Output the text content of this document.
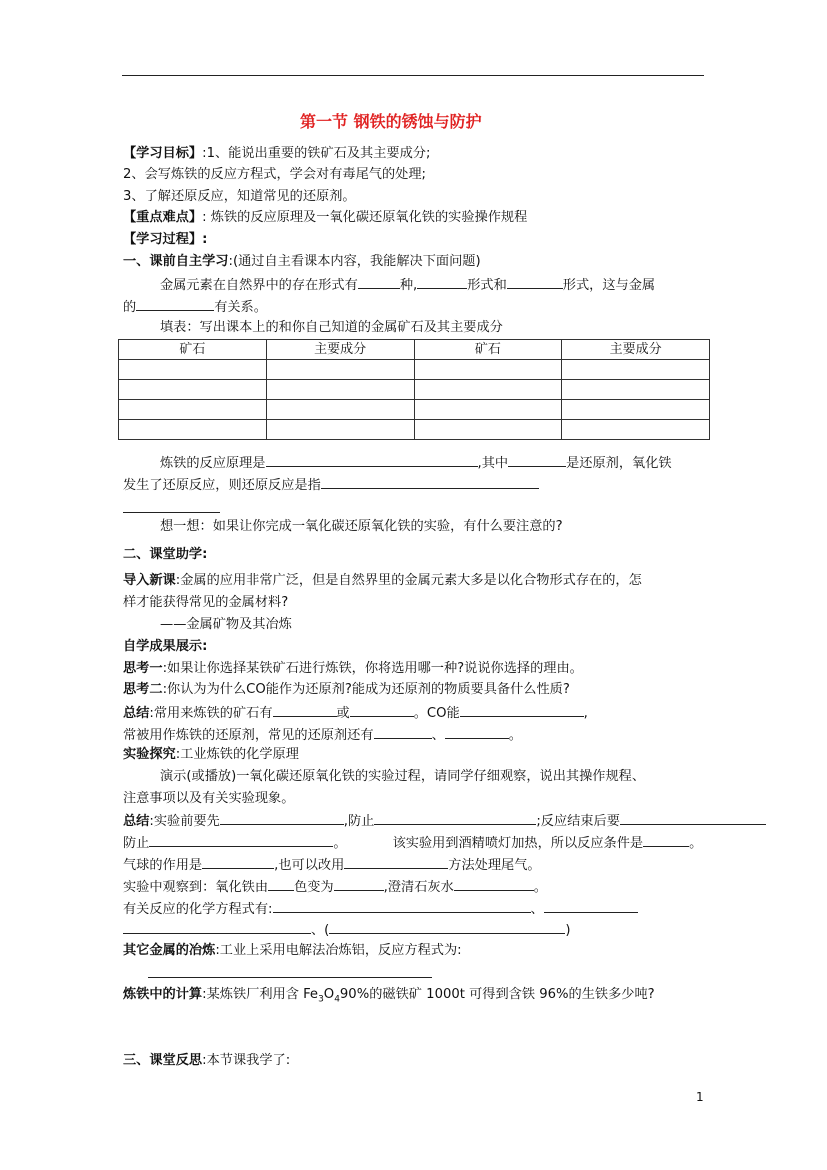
第一节 钢铁的锈蚀与防护
【学习目标】:1、能说出重要的铁矿石及其主要成分;
2、会写炼铁的反应方程式，学会对有毒尾气的处理;
3、了解还原反应，知道常见的还原剂。
【重点难点】: 炼铁的反应原理及一氧化碳还原氧化铁的实验操作规程
【学习过程】:
一、课前自主学习:(通过自主看课本内容，我能解决下面问题)
金属元素在自然界中的存在形式有	种,	形式和	形式，这与金属
的	有关系。
填表：写出课本上的和你自己知道的金属矿石及其主要成分
矿石	主要成分	矿石	主要成分

炼铁的反应原理是	,其中	是还原剂，氧化铁
发生了还原反应，则还原反应是指
想一想：如果让你完成一氧化碳还原氧化铁的实验，有什么要注意的?
二、课堂助学:
导入新课:金属的应用非常广泛，但是自然界里的金属元素大多是以化合物形式存在的，怎
样才能获得常见的金属材料?
——金属矿物及其冶炼
自学成果展示:
思考一:如果让你选择某铁矿石进行炼铁，你将选用哪一种?说说你选择的理由。
思考二:你认为为什么CO能作为还原剂?能成为还原剂的物质要具备什么性质?
总结:常用来炼铁的矿石有	或	。CO能	,
常被用作炼铁的还原剂，常见的还原剂还有	、	。
实验探究:工业炼铁的化学原理
演示(或播放)一氧化碳还原氧化铁的实验过程，请同学仔细观察，说出其操作规程、
注意事项以及有关实验现象。
总结:实验前要先	,防止	;反应结束后要
防止	。	该实验用到酒精喷灯加热，所以反应条件是	。
气球的作用是	,也可以改用	方法处理尾气。
实验中观察到：氧化铁由 色变为	,澄清石灰水	。
有关反应的化学方程式有:	、
、(	)
其它金属的冶炼:工业上采用电解法冶炼铝，反应方程式为:
炼铁中的计算:某炼铁厂利用含 $Fe_3O_490\%$的磁铁矿 1000t 可得到含铁 96%的生铁多少吨?
三、课堂反思:本节课我学了:
1
